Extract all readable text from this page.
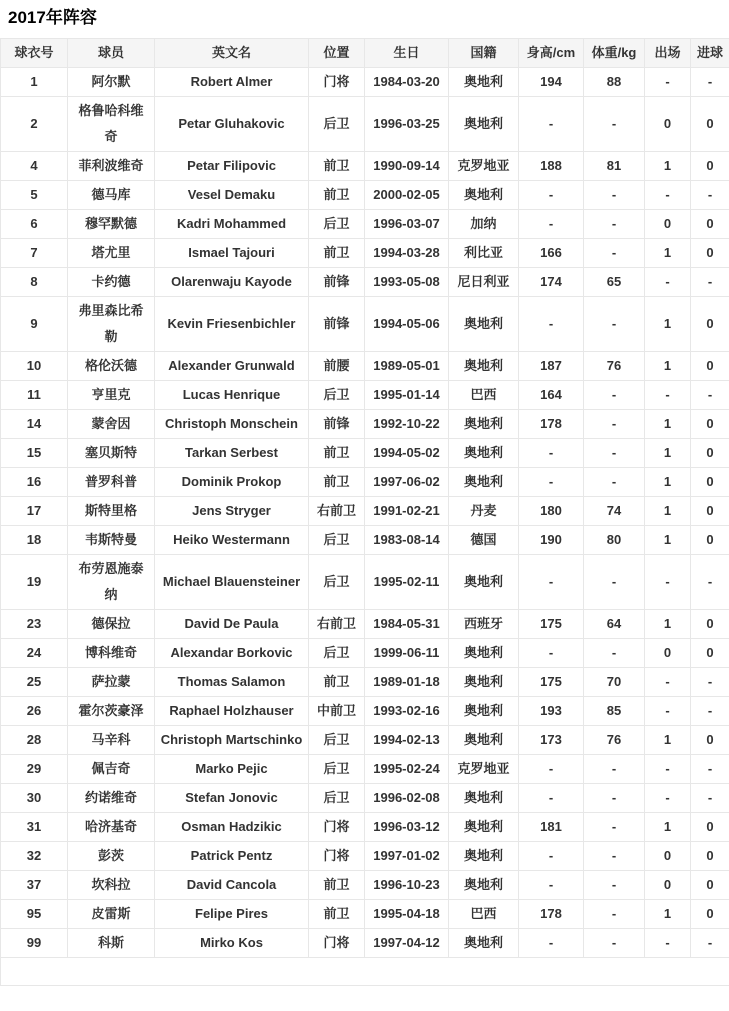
2017年阵容
球衣号	球员	英文名	位置	生日	国籍	身高/cm	体重/kg	出场	进球
1	阿尔默	Robert Almer	门将	1984-03-20	奥地利	194	88	-	-
2	格鲁哈科维奇	Petar Gluhakovic	后卫	1996-03-25	奥地利	-	-	0	0
4	菲利波维奇	Petar Filipovic	前卫	1990-09-14	克罗地亚	188	81	1	0
5	德马库	Vesel Demaku	前卫	2000-02-05	奥地利	-	-	-	-
6	穆罕默德	Kadri Mohammed	后卫	1996-03-07	加纳	-	-	0	0
7	塔尤里	Ismael Tajouri	前卫	1994-03-28	利比亚	166	-	1	0
8	卡约德	Olarenwaju Kayode	前锋	1993-05-08	尼日利亚	174	65	-	-
9	弗里森比希勒	Kevin Friesenbichler	前锋	1994-05-06	奥地利	-	-	1	0
10	格伦沃德	Alexander Grunwald	前腰	1989-05-01	奥地利	187	76	1	0
11	亨里克	Lucas Henrique	后卫	1995-01-14	巴西	164	-	-	-
14	蒙舍因	Christoph Monschein	前锋	1992-10-22	奥地利	178	-	1	0
15	塞贝斯特	Tarkan Serbest	前卫	1994-05-02	奥地利	-	-	1	0
16	普罗科普	Dominik Prokop	前卫	1997-06-02	奥地利	-	-	1	0
17	斯特里格	Jens Stryger	右前卫	1991-02-21	丹麦	180	74	1	0
18	韦斯特曼	Heiko Westermann	后卫	1983-08-14	德国	190	80	1	0
19	布劳恩施泰纳	Michael Blauensteiner	后卫	1995-02-11	奥地利	-	-	-	-
23	德保拉	David De Paula	右前卫	1984-05-31	西班牙	175	64	1	0
24	博科维奇	Alexandar Borkovic	后卫	1999-06-11	奥地利	-	-	0	0
25	萨拉蒙	Thomas Salamon	前卫	1989-01-18	奥地利	175	70	-	-
26	霍尔茨豪泽	Raphael Holzhauser	中前卫	1993-02-16	奥地利	193	85	-	-
28	马辛科	Christoph Martschinko	后卫	1994-02-13	奥地利	173	76	1	0
29	佩吉奇	Marko Pejic	后卫	1995-02-24	克罗地亚	-	-	-	-
30	约诺维奇	Stefan Jonovic	后卫	1996-02-08	奥地利	-	-	-	-
31	哈济基奇	Osman Hadzikic	门将	1996-03-12	奥地利	181	-	1	0
32	彭茨	Patrick Pentz	门将	1997-01-02	奥地利	-	-	0	0
37	坎科拉	David Cancola	前卫	1996-10-23	奥地利	-	-	0	0
95	皮雷斯	Felipe Pires	前卫	1995-04-18	巴西	178	-	1	0
99	科斯	Mirko Kos	门将	1997-04-12	奥地利	-	-	-	-
